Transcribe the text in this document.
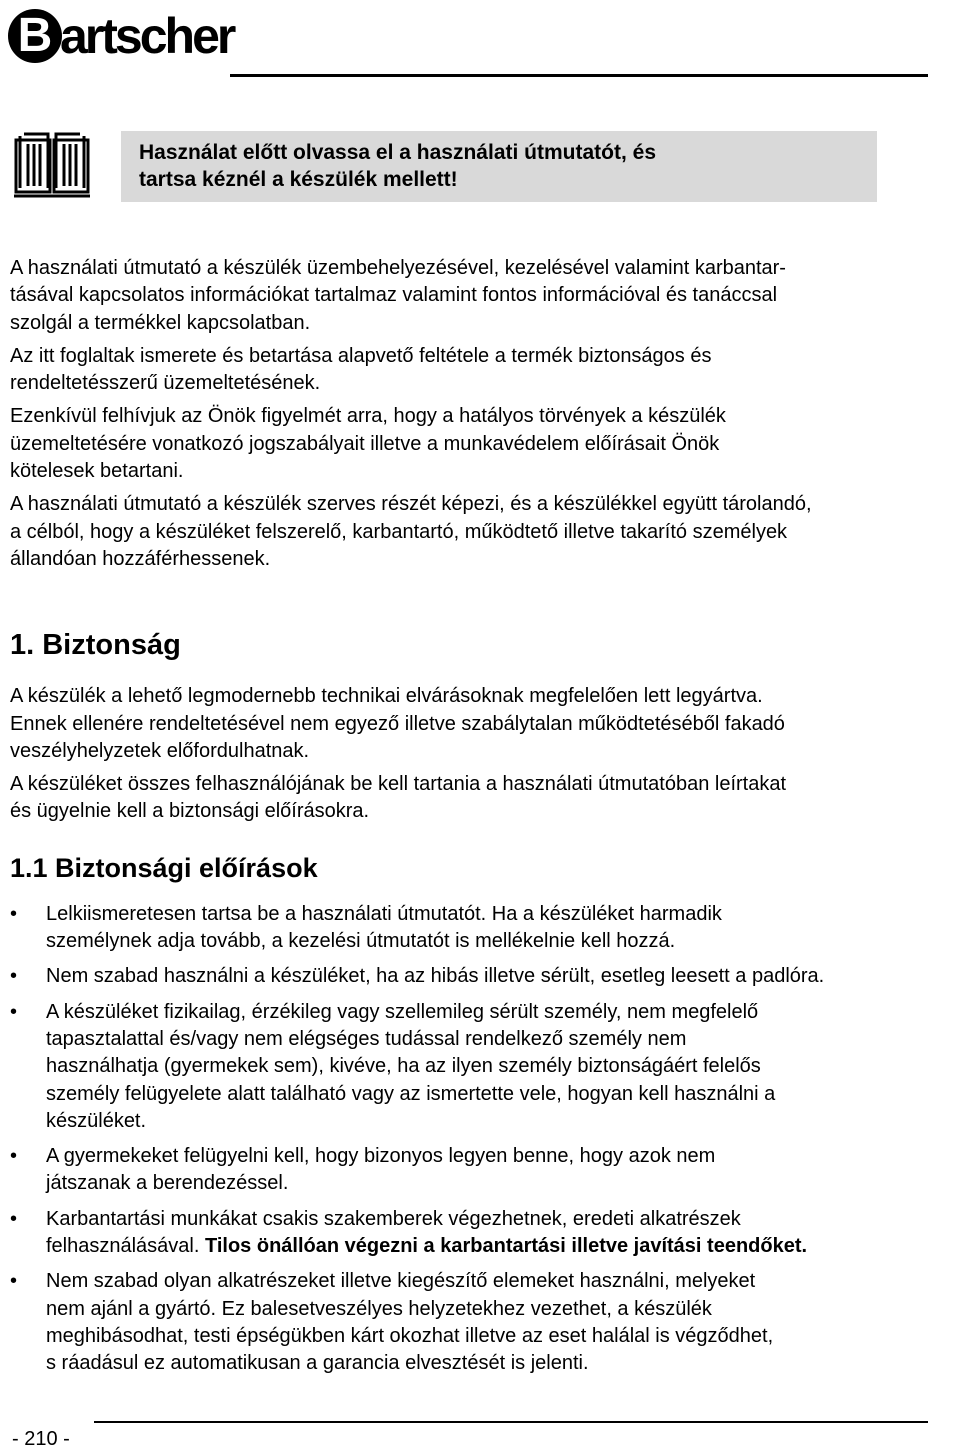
B artscher
Használat előtt olvassa el a használati útmutatót, és
tartsa kéznél a készülék mellett!

A használati útmutató a készülék üzembehelyezésével, kezelésével valamint karbantar-
tásával kapcsolatos információkat tartalmaz valamint fontos információval és tanáccsal
szolgál a termékkel kapcsolatban.

Az itt foglaltak ismerete és betartása alapvető feltétele a termék biztonságos és
rendeltetésszerű üzemeltetésének.

Ezenkívül felhívjuk az Önök figyelmét arra, hogy a hatályos törvények a készülék
üzemeltetésére vonatkozó jogszabályait illetve a munkavédelem előírásait Önök
kötelesek betartani.

A használati útmutató a készülék szerves részét képezi, és a készülékkel együtt tárolandó,
a célból, hogy a készüléket felszerelő, karbantartó, működtető illetve takarító személyek
állandóan hozzáférhessenek.

1. Biztonság

A készülék a lehető legmodernebb technikai elvárásoknak megfelelően lett legyártva.
Ennek ellenére rendeltetésével nem egyező illetve szabálytalan működtetéséből fakadó
veszélyhelyzetek előfordulhatnak.

A készüléket összes felhasználójának be kell tartania a használati útmutatóban leírtakat
és ügyelnie kell a biztonsági előírásokra.

1.1 Biztonsági előírások
• Lelkiismeretesen tartsa be a használati útmutatót. Ha a készüléket harmadik
személynek adja tovább, a kezelési útmutatót is mellékelnie kell hozzá.
• Nem szabad használni a készüléket, ha az hibás illetve sérült, esetleg leesett a padlóra.
• A készüléket fizikailag, érzékileg vagy szellemileg sérült személy, nem megfelelő
tapasztalattal és/vagy nem elégséges tudással rendelkező személy nem
használhatja (gyermekek sem), kivéve, ha az ilyen személy biztonságáért felelős
személy felügyelete alatt található vagy az ismertette vele, hogyan kell használni a
készüléket.
• A gyermekeket felügyelni kell, hogy bizonyos legyen benne, hogy azok nem
játszanak a berendezéssel.
• Karbantartási munkákat csakis szakemberek végezhetnek, eredeti alkatrészek
felhasználásával. Tilos önállóan végezni a karbantartási illetve javítási teendőket.
• Nem szabad olyan alkatrészeket illetve kiegészítő elemeket használni, melyeket
nem ajánl a gyártó. Ez balesetveszélyes helyzetekhez vezethet, a készülék
meghibásodhat, testi épségükben kárt okozhat illetve az eset halálal is végződhet,
s ráadásul ez automatikusan a garancia elvesztését is jelenti.
- 210 -
